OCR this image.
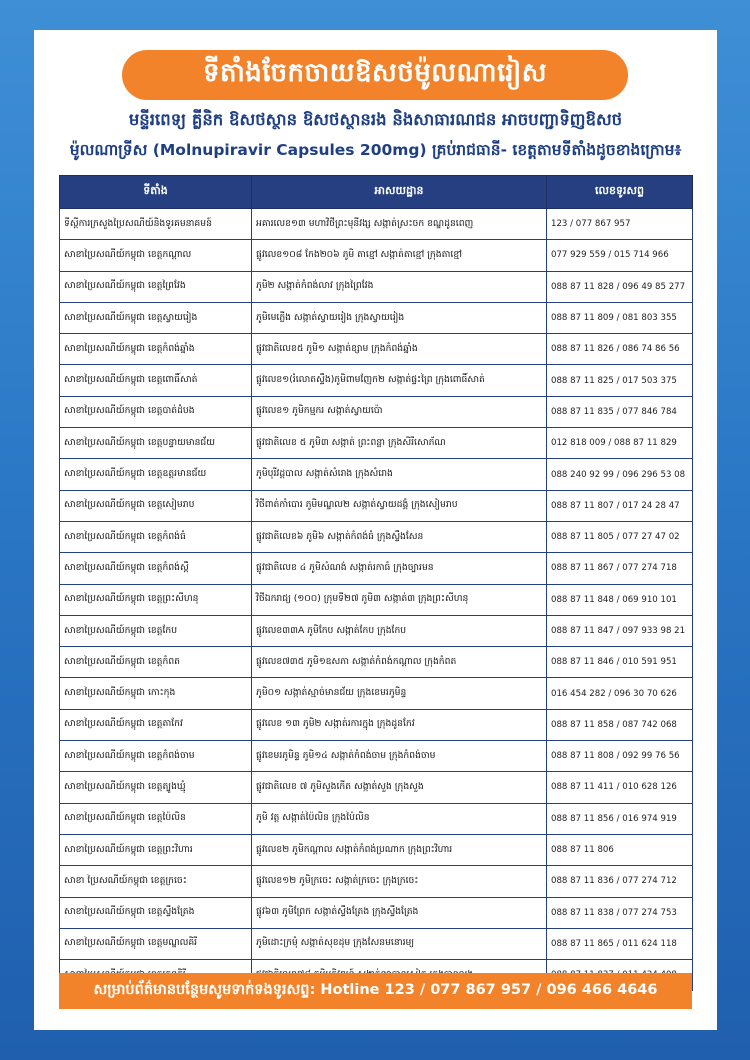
ទីតាំងចែកចាយឱសថម៉ូលណារៀស
មន្ទីរពេទ្យ គ្លីនិក ឱសថស្ថាន ឱសថស្ថានរង និងសាធារណជន អាចបញ្ជាទិញឱសថ
ម៉ូលណាទ្រីស (Molnupiravir Capsules 200mg) គ្រប់រាជធានី- ខេត្តតាមទីតាំងដូចខាងក្រោម៖
ទីតាំង	អាសយដ្ឋាន	លេខទូរសព្ទ
ទីស្តីការក្រសួងប្រៃសណីយ៍និងទូរគមនាគមន៍	អគារលេខ១៣ មហាវិថីព្រះមុនីវង្ស សង្កាត់ស្រះចក ខណ្ឌដូនពេញ	123 / 077 867 957
សាខាប្រៃសណីយ៍កម្ពុជា ខេត្តកណ្ដាល	ផ្លូវលេខ១០៨ កែង២០៦ ភូមិ តាខ្មៅ សង្កាត់តាខ្មៅ ក្រុងតាខ្មៅ	077 929 559 / 015 714 966
សាខាប្រៃសណីយ៍កម្ពុជា ខេត្តព្រៃវែង	ភូមិ២ សង្កាត់កំពង់លាវ ក្រុងព្រៃវែង	088 87 11 828 / 096 49 85 277
សាខាប្រៃសណីយ៍កម្ពុជា ខេត្តស្វាយរៀង	ភូមិមេភ្លើង សង្កាត់ស្វាយរៀង ក្រុងស្វាយរៀង	088 87 11 809 / 081 803 355
សាខាប្រៃសណីយ៍កម្ពុជា ខេត្តកំពង់ឆ្នាំង	ផ្លូវជាតិលេខ៥ ភូមិ១ សង្កាត់ខ្សាម ក្រុងកំពង់ឆ្នាំង	088 87 11 826 / 086 74 86 56
សាខាប្រៃសណីយ៍កម្ពុជា ខេត្តពោធិ៍សាត់	ផ្លូវលេខ១(រំលោតស្ទឹង)ភូមិពាមញែក២ សង្កាត់ផ្ទះព្រៃ ក្រុងពោធិ៍សាត់	088 87 11 825 / 017 503 375
សាខាប្រៃសណីយ៍កម្ពុជា ខេត្តបាត់ដំបង	ផ្លូវលេខ១ ភូមិកម្មករ សង្កាត់ស្វាយប៉ោ	088 87 11 835 / 077 846 784
សាខាប្រៃសណីយ៍កម្ពុជា ខេត្តបន្ទាយមានជ័យ	ផ្លូវជាតិលេខ ៥ ភូមិ៣ សង្កាត់ ព្រះពន្លា ក្រុងសិរីសោភ័ណ	012 818 009 / 088 87 11 829
សាខាប្រៃសណីយ៍កម្ពុជា ខេត្តឧត្តរមានជ័យ	ភូមិបុរីវដ្តបាល សង្កាត់សំរោង ក្រុងសំរោង	088 240 92 99 / 096 296 53 08
សាខាប្រៃសណីយ៍កម្ពុជា ខេត្តសៀមរាប	វិថីពាត់កាំបោរ ភូមិមណ្ឌល២ សង្កាត់ស្វាយដង្គំ ក្រុងសៀមរាប	088 87 11 807 / 017 24 28 47
សាខាប្រៃសណីយ៍កម្ពុជា ខេត្តកំពង់ធំ	ផ្លូវជាតិលេខ៦ ភូមិ៦ សង្កាត់កំពង់ធំ ក្រុងស្ទឹងសែន	088 87 11 805 / 077 27 47 02
សាខាប្រៃសណីយ៍កម្ពុជា ខេត្តកំពង់ស្ពឺ	ផ្លូវជាតិលេខ ៤ ភូមិសំណង់ សង្កាត់រកាធំ ក្រុងច្បារមន	088 87 11 867 / 077 274 718
សាខាប្រៃសណីយ៍កម្ពុជា ខេត្តព្រះសីហនុ	វិថីឯករាជ្យ (១០០) ក្រុមទី២៧ ភូមិ៣ សង្កាត់៣ ក្រុងព្រះសីហនុ	088 87 11 848 / 069 910 101
សាខាប្រៃសណីយ៍កម្ពុជា ខេត្តកែប	ផ្លូវលេខ៣៣A ភូមិកែប សង្កាត់កែប ក្រុងកែប	088 87 11 847 / 097 933 98 21
សាខាប្រៃសណីយ៍កម្ពុជា ខេត្តកំពត	ផ្លូវលេខ៧៣៥ ភូមិ១ឧសភា សង្កាត់កំពង់កណ្ដាល ក្រុងកំពត	088 87 11 846 / 010 591 951
សាខាប្រៃសណីយ៍កម្ពុជា កោះកុង	ភូមិ០១ សង្កាត់ស្មាច់មានជ័យ ក្រុងខេមរភូមិន្ទ	016 454 282 / 096 30 70 626
សាខាប្រៃសណីយ៍កម្ពុជា ខេត្តតាកែវ	ផ្លូវលេខ ១៣ ភូមិ២ សង្កាត់រការក្នុង ក្រុងដូនកែវ	088 87 11 858 / 087 742 068
សាខាប្រៃសណីយ៍កម្ពុជា ខេត្តកំពង់ចាម	ផ្លូវខេមរភូមិន្ទ ភូមិ១៤ សង្កាត់កំពង់ចាម ក្រុងកំពង់ចាម	088 87 11 808 / 092 99 76 56
សាខាប្រៃសណីយ៍កម្ពុជា ខេត្តត្បូងឃ្មុំ	ផ្លូវជាតិលេខ ៧ ភូមិសួងកើត សង្កាត់សួង ក្រុងសួង	088 87 11 411 / 010 628 126
សាខាប្រៃសណីយ៍កម្ពុជា ខេត្តប៉ៃលិន	ភូមិ វត្ត សង្កាត់ប៉ៃលិន ក្រុងប៉ៃលិន	088 87 11 856 / 016 974 919
សាខាប្រៃសណីយ៍កម្ពុជា ខេត្តព្រះវិហារ	ផ្លូវលេខ២ ភូមិកណ្ដាល សង្កាត់កំពង់ប្រណាក ក្រុងព្រះវិហារ	088 87 11 806
សាខា ប្រៃសណីយ៍កម្ពុជា ខេត្តក្រចេះ	ផ្លូវលេខ១២ ភូមិក្រចេះ សង្កាត់ក្រចេះ ក្រុងក្រចេះ	088 87 11 836 / 077 274 712
សាខាប្រៃសណីយ៍កម្ពុជា ខេត្តស្ទឹងត្រែង	ផ្លូវ៦៣ ភូមិព្រែក សង្កាត់ស្ទឹងត្រែង ក្រុងស្ទឹងត្រែង	088 87 11 838 / 077 274 753
សាខាប្រៃសណីយ៍កម្ពុជា ខេត្តមណ្ឌលគិរី	ភូមិដោះក្រមុំ សង្កាត់សុខដុម ក្រុងសែនមនោរម្យ	088 87 11 865 / 011 624 118

សម្រាប់ព័ត៌មានបន្ថែមសូមទាក់ទងទូរសព្ទ: Hotline 123 / 077 867 957 / 096 466 4646
